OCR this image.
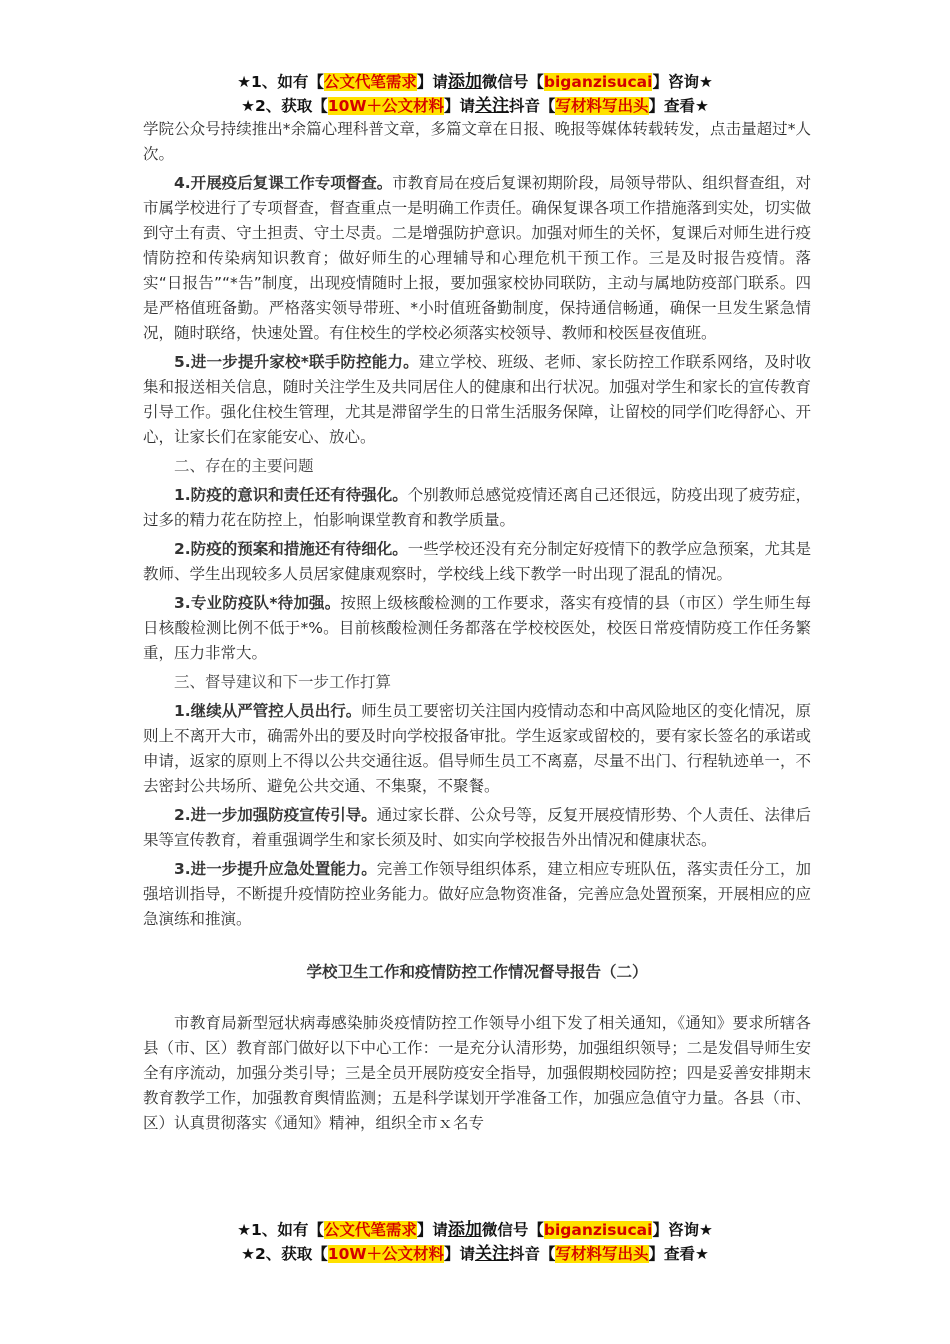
★1、如有【公文代笔需求】请添加微信号【biganzisucai】咨询★
★2、获取【10W＋公文材料】请关注抖音【写材料写出头】查看★

学院公众号持续推出*余篇心理科普文章，多篇文章在日报、晚报等媒体转载转发，点击量超过*人次。

4.开展疫后复课工作专项督查。市教育局在疫后复课初期阶段，局领导带队、组织督查组，对市属学校进行了专项督查，督查重点一是明确工作责任。确保复课各项工作措施落到实处，切实做到守土有责、守土担责、守土尽责。二是增强防护意识。加强对师生的关怀，复课后对师生进行疫情防控和传染病知识教育；做好师生的心理辅导和心理危机干预工作。三是及时报告疫情。落实“日报告”“*告”制度，出现疫情随时上报，要加强家校协同联防，主动与属地防疫部门联系。四是严格值班备勤。严格落实领导带班、*小时值班备勤制度，保持通信畅通，确保一旦发生紧急情况，随时联络，快速处置。有住校生的学校必须落实校领导、教师和校医昼夜值班。

5.进一步提升家校*联手防控能力。建立学校、班级、老师、家长防控工作联系网络，及时收集和报送相关信息，随时关注学生及共同居住人的健康和出行状况。加强对学生和家长的宣传教育引导工作。强化住校生管理，尤其是滞留学生的日常生活服务保障，让留校的同学们吃得舒心、开心，让家长们在家能安心、放心。

二、存在的主要问题

1.防疫的意识和责任还有待强化。个别教师总感觉疫情还离自己还很远，防疫出现了疲劳症，过多的精力花在防控上，怕影响课堂教育和教学质量。

2.防疫的预案和措施还有待细化。一些学校还没有充分制定好疫情下的教学应急预案，尤其是教师、学生出现较多人员居家健康观察时，学校线上线下教学一时出现了混乱的情况。

3.专业防疫队*待加强。按照上级核酸检测的工作要求，落实有疫情的县（市区）学生师生每日核酸检测比例不低于*%。目前核酸检测任务都落在学校校医处，校医日常疫情防疫工作任务繁重，压力非常大。

三、督导建议和下一步工作打算

1.继续从严管控人员出行。师生员工要密切关注国内疫情动态和中高风险地区的变化情况，原则上不离开大市，确需外出的要及时向学校报备审批。学生返家或留校的，要有家长签名的承诺或申请，返家的原则上不得以公共交通往返。倡导师生员工不离嘉，尽量不出门、行程轨迹单一，不去密封公共场所、避免公共交通、不集聚，不聚餐。

2.进一步加强防疫宣传引导。通过家长群、公众号等，反复开展疫情形势、个人责任、法律后果等宣传教育，着重强调学生和家长须及时、如实向学校报告外出情况和健康状态。

3.进一步提升应急处置能力。完善工作领导组织体系，建立相应专班队伍，落实责任分工，加强培训指导，不断提升疫情防控业务能力。做好应急物资准备，完善应急处置预案，开展相应的应急演练和推演。

学校卫生工作和疫情防控工作情况督导报告（二）

市教育局新型冠状病毒感染肺炎疫情防控工作领导小组下发了相关通知，《通知》要求所辖各县（市、区）教育部门做好以下中心工作：一是充分认清形势，加强组织领导；二是发倡导师生安全有序流动，加强分类引导；三是全员开展防疫安全指导，加强假期校园防控；四是妥善安排期末教育教学工作，加强教育舆情监测；五是科学谋划开学准备工作，加强应急值守力量。各县（市、区）认真贯彻落实《通知》精神，组织全市ｘ名专

★1、如有【公文代笔需求】请添加微信号【biganzisucai】咨询★
★2、获取【10W＋公文材料】请关注抖音【写材料写出头】查看★
